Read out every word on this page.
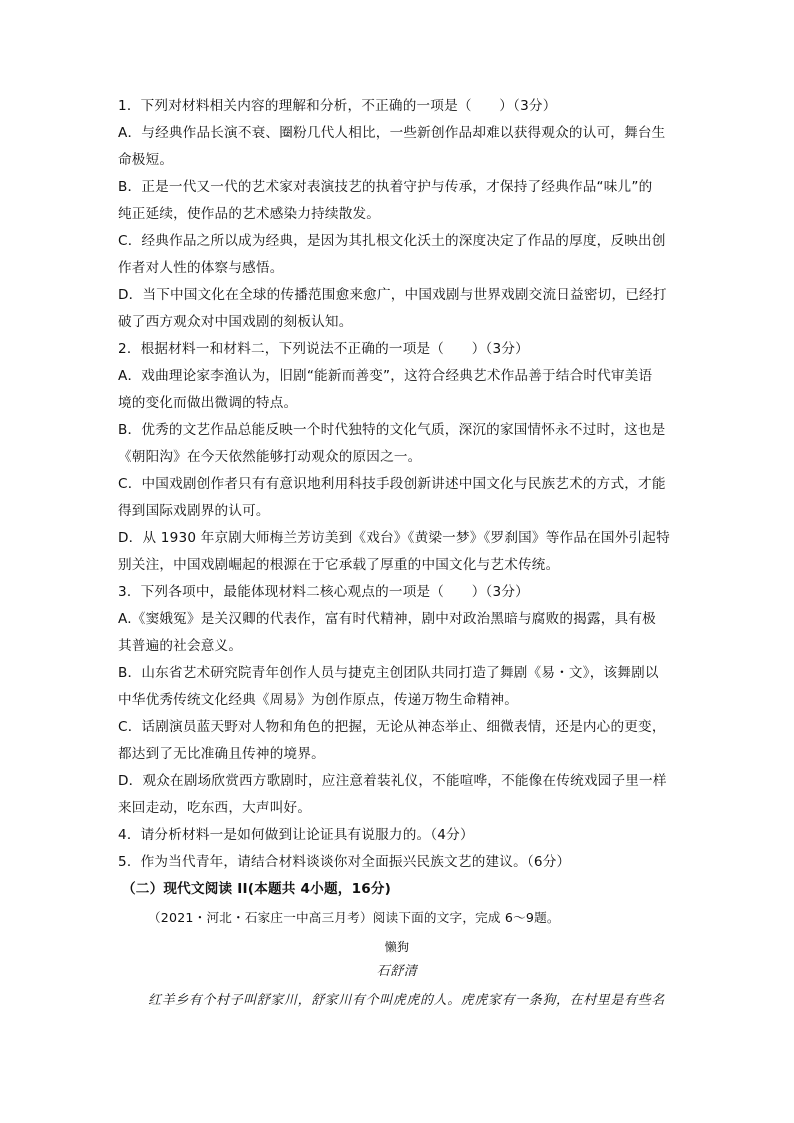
1．下列对材料相关内容的理解和分析，不正确的一项是（　　）（3分）
A．与经典作品长演不衰、圈粉几代人相比，一些新创作品却难以获得观众的认可，舞台生
命极短。
B．正是一代又一代的艺术家对表演技艺的执着守护与传承，才保持了经典作品“味儿”的
纯正延续，使作品的艺术感染力持续散发。
C．经典作品之所以成为经典，是因为其扎根文化沃土的深度决定了作品的厚度，反映出创
作者对人性的体察与感悟。
D．当下中国文化在全球的传播范围愈来愈广，中国戏剧与世界戏剧交流日益密切，已经打
破了西方观众对中国戏剧的刻板认知。
2．根据材料一和材料二，下列说法不正确的一项是（　　）（3分）
A．戏曲理论家李渔认为，旧剧“能新而善变”，这符合经典艺术作品善于结合时代审美语
境的变化而做出微调的特点。
B．优秀的文艺作品总能反映一个时代独特的文化气质，深沉的家国情怀永不过时，这也是
《朝阳沟》在今天依然能够打动观众的原因之一。
C．中国戏剧创作者只有有意识地利用科技手段创新讲述中国文化与民族艺术的方式，才能
得到国际戏剧界的认可。
D．从 1930 年京剧大师梅兰芳访美到《戏台》《黄梁一梦》《罗刹国》等作品在国外引起特
别关注，中国戏剧崛起的根源在于它承载了厚重的中国文化与艺术传统。
3．下列各项中，最能体现材料二核心观点的一项是（　　）（3分）
A.《窦娥冤》是关汉卿的代表作，富有时代精神，剧中对政治黑暗与腐败的揭露，具有极
其普遍的社会意义。
B．山东省艺术研究院青年创作人员与捷克主创团队共同打造了舞剧《易・文》，该舞剧以
中华优秀传统文化经典《周易》为创作原点，传递万物生命精神。
C．话剧演员蓝天野对人物和角色的把握，无论从神态举止、细微表情，还是内心的更变，
都达到了无比准确且传神的境界。
D．观众在剧场欣赏西方歌剧时，应注意着装礼仪，不能喧哗，不能像在传统戏园子里一样
来回走动，吃东西，大声叫好。
4．请分析材料一是如何做到让论证具有说服力的。（4分）
5．作为当代青年，请结合材料谈谈你对全面振兴民族文艺的建议。（6分）
（二）现代文阅读 II(本题共 4小题，16分)
（2021・河北・石家庄一中高三月考）阅读下面的文字，完成 6～9题。
懒狗
石舒清
红羊乡有个村子叫舒家川，舒家川有个叫虎虎的人。虎虎家有一条狗，在村里是有些名
